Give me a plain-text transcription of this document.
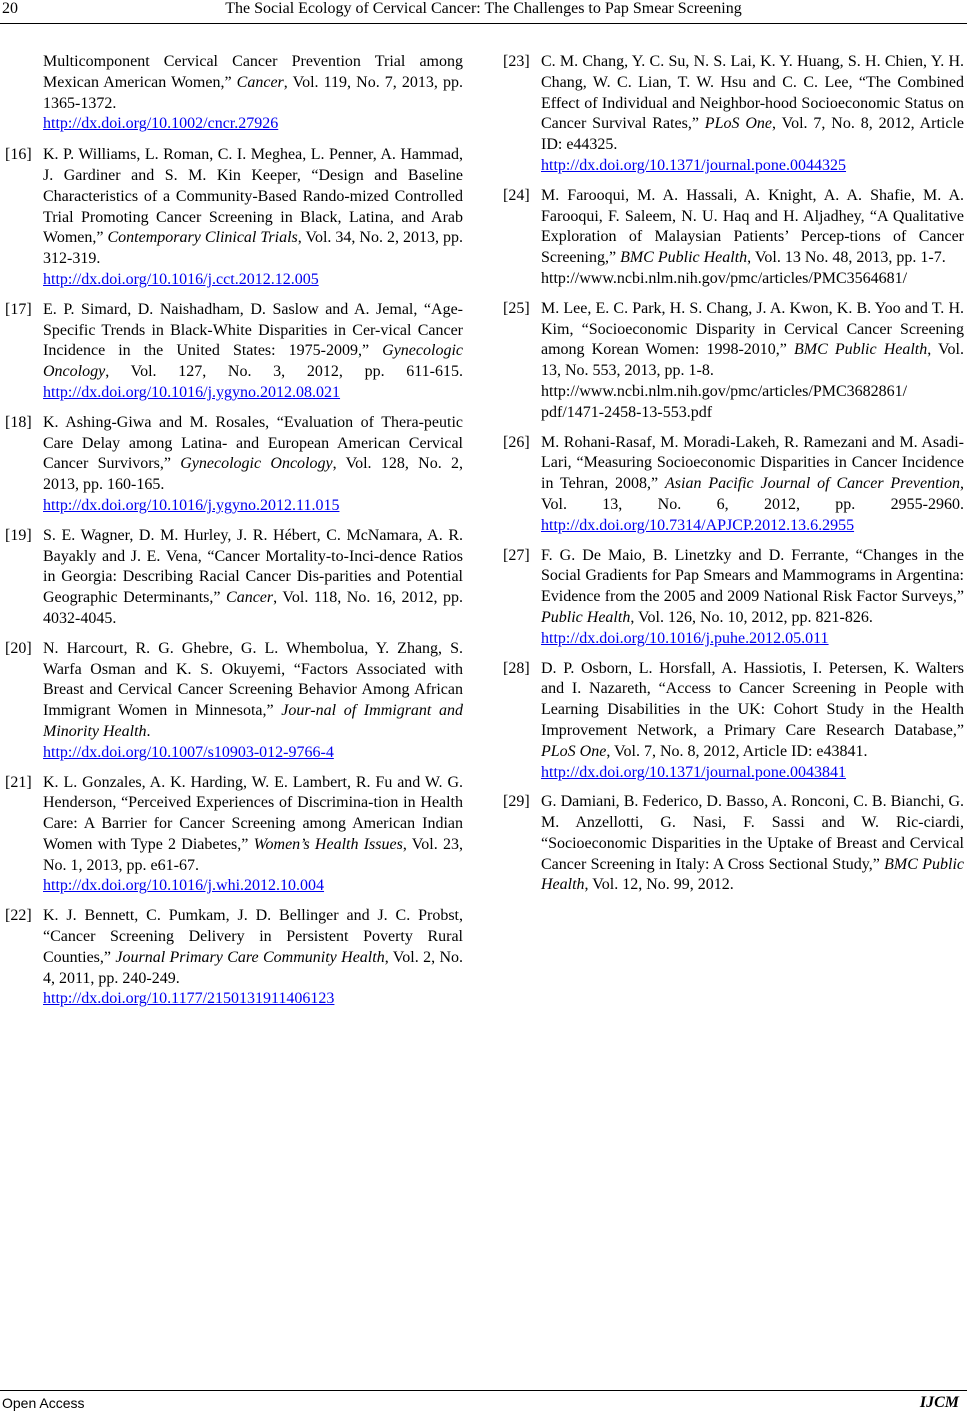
20	The Social Ecology of Cervical Cancer: The Challenges to Pap Smear Screening
Multicomponent Cervical Cancer Prevention Trial among Mexican American Women,” Cancer, Vol. 119, No. 7, 2013, pp. 1365-1372.
http://dx.doi.org/10.1002/cncr.27926
[16] K. P. Williams, L. Roman, C. I. Meghea, L. Penner, A. Hammad, J. Gardiner and S. M. Kin Keeper, “Design and Baseline Characteristics of a Community-Based Rando-mized Controlled Trial Promoting Cancer Screening in Black, Latina, and Arab Women,” Contemporary Clinical Trials, Vol. 34, No. 2, 2013, pp. 312-319.
http://dx.doi.org/10.1016/j.cct.2012.12.005
[17] E. P. Simard, D. Naishadham, D. Saslow and A. Jemal, “Age-Specific Trends in Black-White Disparities in Cer-vical Cancer Incidence in the United States: 1975-2009,” Gynecologic Oncology, Vol. 127, No. 3, 2012, pp. 611-615. http://dx.doi.org/10.1016/j.ygyno.2012.08.021
[18] K. Ashing-Giwa and M. Rosales, “Evaluation of Thera-peutic Care Delay among Latina- and European American Cervical Cancer Survivors,” Gynecologic Oncology, Vol. 128, No. 2, 2013, pp. 160-165.
http://dx.doi.org/10.1016/j.ygyno.2012.11.015
[19] S. E. Wagner, D. M. Hurley, J. R. Hébert, C. McNamara, A. R. Bayakly and J. E. Vena, “Cancer Mortality-to-Inci-dence Ratios in Georgia: Describing Racial Cancer Dis-parities and Potential Geographic Determinants,” Cancer, Vol. 118, No. 16, 2012, pp. 4032-4045.
[20] N. Harcourt, R. G. Ghebre, G. L. Whembolua, Y. Zhang, S. Warfa Osman and K. S. Okuyemi, “Factors Associated with Breast and Cervical Cancer Screening Behavior Among African Immigrant Women in Minnesota,” Jour-nal of Immigrant and Minority Health.
http://dx.doi.org/10.1007/s10903-012-9766-4
[21] K. L. Gonzales, A. K. Harding, W. E. Lambert, R. Fu and W. G. Henderson, “Perceived Experiences of Discrimina-tion in Health Care: A Barrier for Cancer Screening among American Indian Women with Type 2 Diabetes,” Women’s Health Issues, Vol. 23, No. 1, 2013, pp. e61-67.
http://dx.doi.org/10.1016/j.whi.2012.10.004
[22] K. J. Bennett, C. Pumkam, J. D. Bellinger and J. C. Probst, “Cancer Screening Delivery in Persistent Poverty Rural Counties,” Journal Primary Care Community Health, Vol. 2, No. 4, 2011, pp. 240-249.
http://dx.doi.org/10.1177/2150131911406123
[23] C. M. Chang, Y. C. Su, N. S. Lai, K. Y. Huang, S. H. Chien, Y. H. Chang, W. C. Lian, T. W. Hsu and C. C. Lee, “The Combined Effect of Individual and Neighbor-hood Socioeconomic Status on Cancer Survival Rates,” PLoS One, Vol. 7, No. 8, 2012, Article ID: e44325.
http://dx.doi.org/10.1371/journal.pone.0044325
[24] M. Farooqui, M. A. Hassali, A. Knight, A. A. Shafie, M. A. Farooqui, F. Saleem, N. U. Haq and H. Aljadhey, “A Qualitative Exploration of Malaysian Patients’ Percep-tions of Cancer Screening,” BMC Public Health, Vol. 13 No. 48, 2013, pp. 1-7.
http://www.ncbi.nlm.nih.gov/pmc/articles/PMC3564681/
[25] M. Lee, E. C. Park, H. S. Chang, J. A. Kwon, K. B. Yoo and T. H. Kim, “Socioeconomic Disparity in Cervical Cancer Screening among Korean Women: 1998-2010,” BMC Public Health, Vol. 13, No. 553, 2013, pp. 1-8.
http://www.ncbi.nlm.nih.gov/pmc/articles/PMC3682861/ pdf/1471-2458-13-553.pdf
[26] M. Rohani-Rasaf, M. Moradi-Lakeh, R. Ramezani and M. Asadi-Lari, “Measuring Socioeconomic Disparities in Cancer Incidence in Tehran, 2008,” Asian Pacific Journal of Cancer Prevention, Vol. 13, No. 6, 2012, pp. 2955-2960. http://dx.doi.org/10.7314/APJCP.2012.13.6.2955
[27] F. G. De Maio, B. Linetzky and D. Ferrante, “Changes in the Social Gradients for Pap Smears and Mammograms in Argentina: Evidence from the 2005 and 2009 National Risk Factor Surveys,” Public Health, Vol. 126, No. 10, 2012, pp. 821-826.
http://dx.doi.org/10.1016/j.puhe.2012.05.011
[28] D. P. Osborn, L. Horsfall, A. Hassiotis, I. Petersen, K. Walters and I. Nazareth, “Access to Cancer Screening in People with Learning Disabilities in the UK: Cohort Study in the Health Improvement Network, a Primary Care Research Database,” PLoS One, Vol. 7, No. 8, 2012, Article ID: e43841.
http://dx.doi.org/10.1371/journal.pone.0043841
[29] G. Damiani, B. Federico, D. Basso, A. Ronconi, C. B. Bianchi, G. M. Anzellotti, G. Nasi, F. Sassi and W. Ric-ciardi, “Socioeconomic Disparities in the Uptake of Breast and Cervical Cancer Screening in Italy: A Cross Sectional Study,” BMC Public Health, Vol. 12, No. 99, 2012.
Open Access	IJCM
